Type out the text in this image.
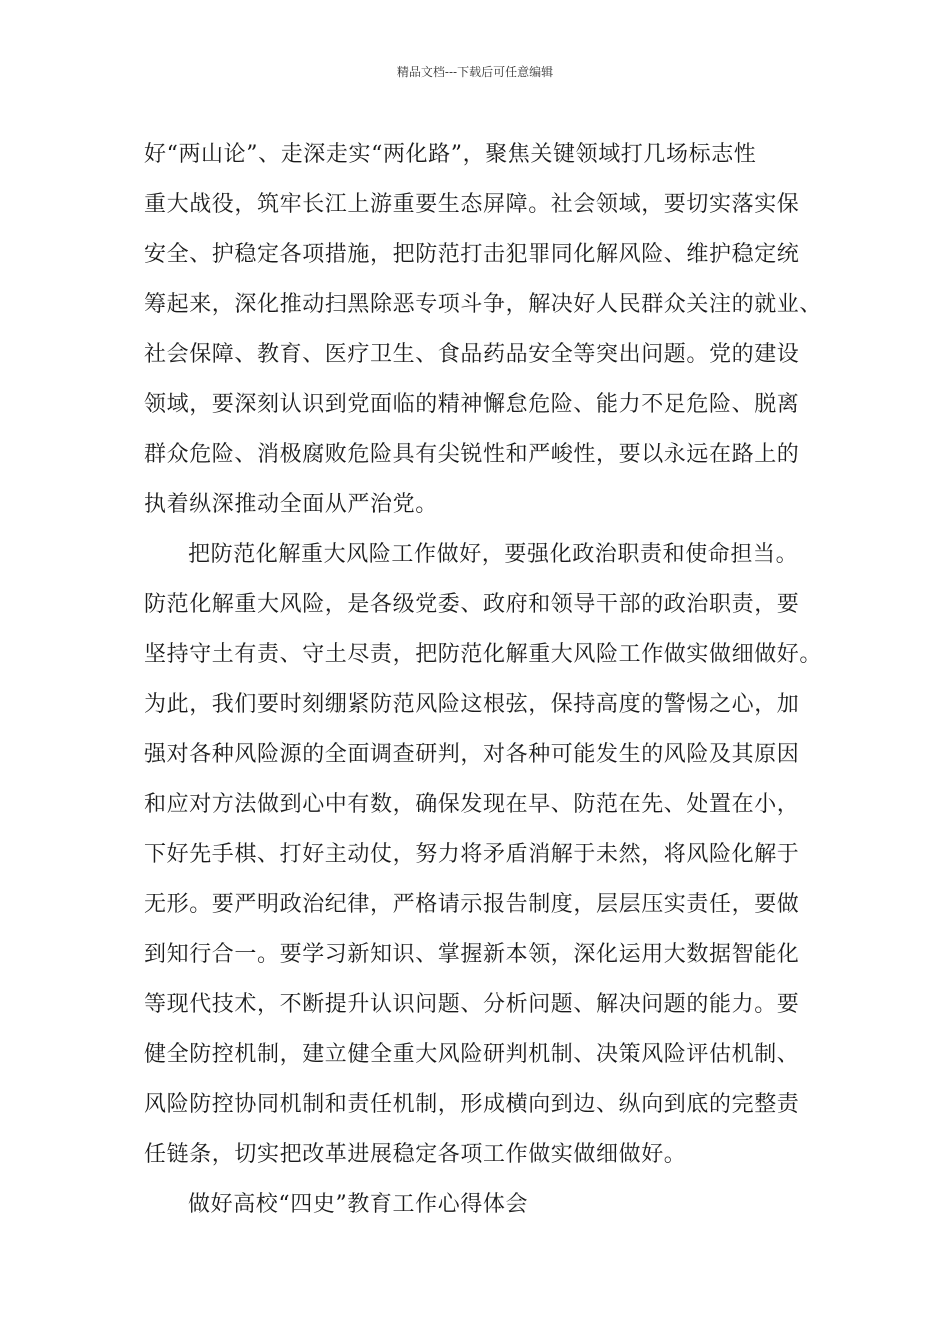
精品文档---下载后可任意编辑
好“两山论”、走深走实“两化路”，聚焦关键领域打几场标志性
重大战役，筑牢长江上游重要生态屏障。社会领域，要切实落实保
安全、护稳定各项措施，把防范打击犯罪同化解风险、维护稳定统
筹起来，深化推动扫黑除恶专项斗争，解决好人民群众关注的就业、
社会保障、教育、医疗卫生、食品药品安全等突出问题。党的建设
领域，要深刻认识到党面临的精神懈怠危险、能力不足危险、脱离
群众危险、消极腐败危险具有尖锐性和严峻性，要以永远在路上的
执着纵深推动全面从严治党。
把防范化解重大风险工作做好，要强化政治职责和使命担当。
防范化解重大风险，是各级党委、政府和领导干部的政治职责，要
坚持守土有责、守土尽责，把防范化解重大风险工作做实做细做好。
为此，我们要时刻绷紧防范风险这根弦，保持高度的警惕之心，加
强对各种风险源的全面调查研判，对各种可能发生的风险及其原因
和应对方法做到心中有数，确保发现在早、防范在先、处置在小，
下好先手棋、打好主动仗，努力将矛盾消解于未然，将风险化解于
无形。要严明政治纪律，严格请示报告制度，层层压实责任，要做
到知行合一。要学习新知识、掌握新本领，深化运用大数据智能化
等现代技术，不断提升认识问题、分析问题、解决问题的能力。要
健全防控机制，建立健全重大风险研判机制、决策风险评估机制、
风险防控协同机制和责任机制，形成横向到边、纵向到底的完整责
任链条，切实把改革进展稳定各项工作做实做细做好。
做好高校“四史”教育工作心得体会
